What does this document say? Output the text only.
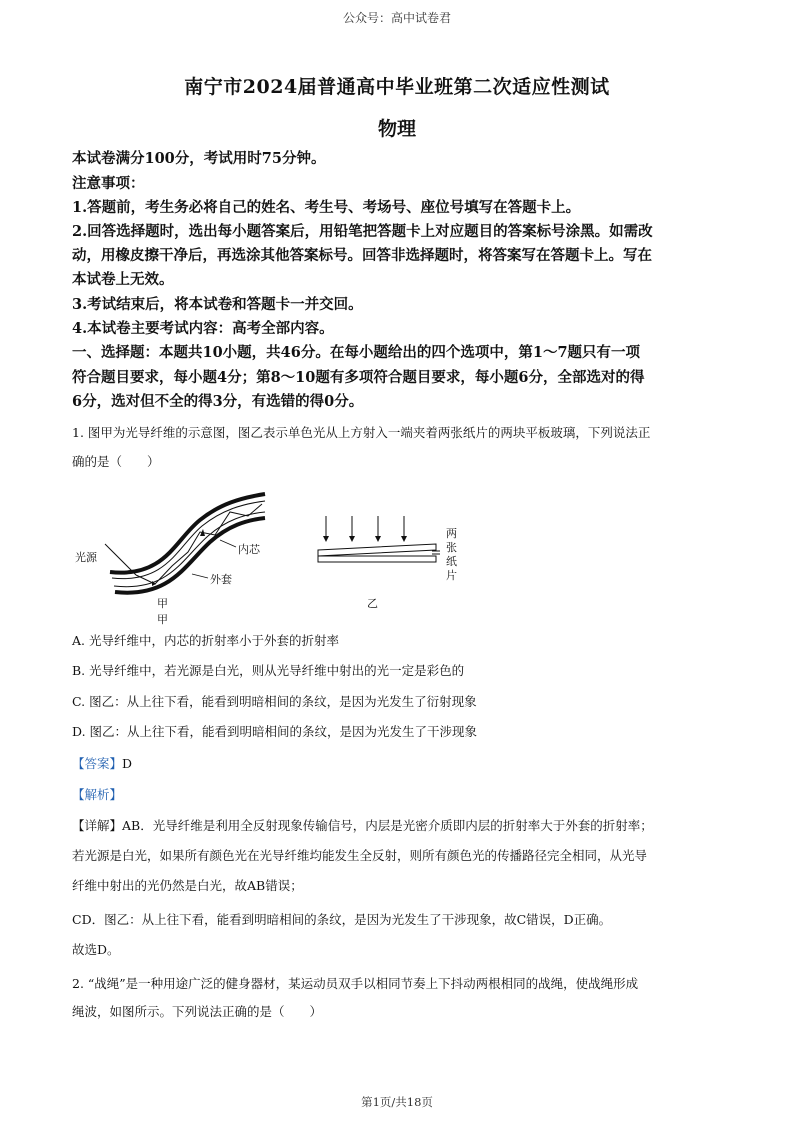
公众号：高中试卷君
南宁市2024届普通高中毕业班第二次适应性测试
物理
本试卷满分100分，考试用时75分钟。
注意事项：
1.答题前，考生务必将自己的姓名、考生号、考场号、座位号填写在答题卡上。
2.回答选择题时，选出每小题答案后，用铅笔把答题卡上对应题目的答案标号涂黑。如需改
动，用橡皮擦干净后，再选涂其他答案标号。回答非选择题时，将答案写在答题卡上。写在
本试卷上无效。
3.考试结束后，将本试卷和答题卡一并交回。
4.本试卷主要考试内容：高考全部内容。
一、选择题：本题共10小题，共46分。在每小题给出的四个选项中，第1～7题只有一项
符合题目要求，每小题4分；第8～10题有多项符合题目要求，每小题6分，全部选对的得
6分，选对但不全的得3分，有选错的得0分。
1. 图甲为光导纤维的示意图，图乙表示单色光从上方射入一端夹着两张纸片的两块平板玻璃，下列说法正
确的是（　　）
光源
内芯
外套
甲
甲
两
张
纸
片
乙
A. 光导纤维中，内芯的折射率小于外套的折射率
B. 光导纤维中，若光源是白光，则从光导纤维中射出的光一定是彩色的
C. 图乙：从上往下看，能看到明暗相间的条纹，是因为光发生了衍射现象
D. 图乙：从上往下看，能看到明暗相间的条纹，是因为光发生了干涉现象
【答案】D
【解析】
【详解】AB．光导纤维是利用全反射现象传输信号，内层是光密介质即内层的折射率大于外套的折射率；
若光源是白光，如果所有颜色光在光导纤维均能发生全反射，则所有颜色光的传播路径完全相同，从光导
纤维中射出的光仍然是白光，故AB错误；
CD．图乙：从上往下看，能看到明暗相间的条纹，是因为光发生了干涉现象，故C错误，D正确。
故选D。
2. “战绳”是一种用途广泛的健身器材，某运动员双手以相同节奏上下抖动两根相同的战绳，使战绳形成
绳波，如图所示。下列说法正确的是（　　）
第1页/共18页
